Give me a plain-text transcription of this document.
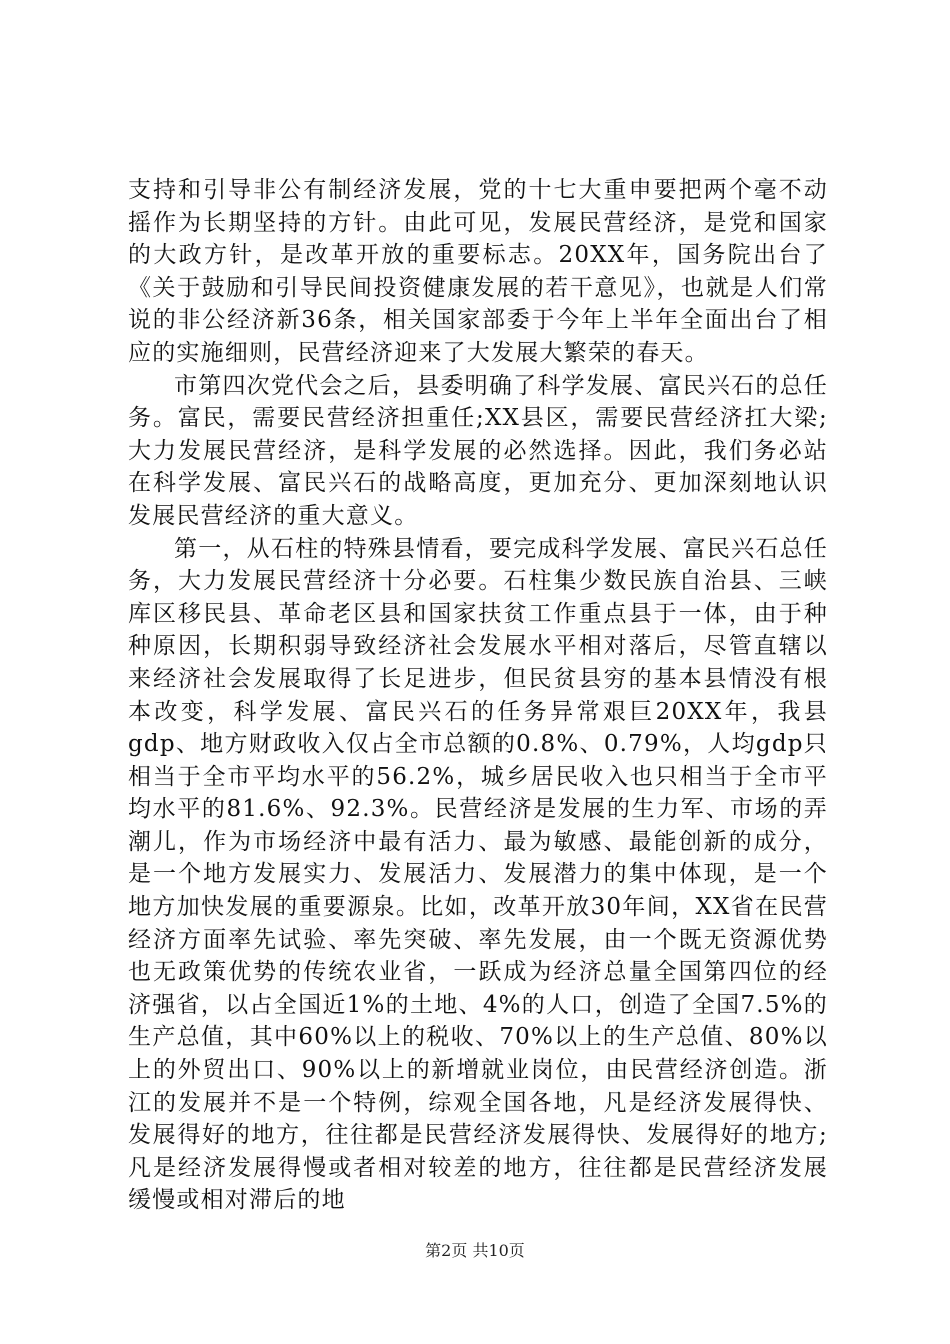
支持和引导非公有制经济发展，党的十七大重申要把两个毫不动摇作为长期坚持的方针。由此可见，发展民营经济，是党和国家的大政方针，是改革开放的重要标志。20XX年，国务院出台了《关于鼓励和引导民间投资健康发展的若干意见》，也就是人们常说的非公经济新36条，相关国家部委于今年上半年全面出台了相应的实施细则，民营经济迎来了大发展大繁荣的春天。

市第四次党代会之后，县委明确了科学发展、富民兴石的总任务。富民，需要民营经济担重任;XX县区，需要民营经济扛大梁;大力发展民营经济，是科学发展的必然选择。因此，我们务必站在科学发展、富民兴石的战略高度，更加充分、更加深刻地认识发展民营经济的重大意义。

第一，从石柱的特殊县情看，要完成科学发展、富民兴石总任务，大力发展民营经济十分必要。石柱集少数民族自治县、三峡库区移民县、革命老区县和国家扶贫工作重点县于一体，由于种种原因，长期积弱导致经济社会发展水平相对落后，尽管直辖以来经济社会发展取得了长足进步，但民贫县穷的基本县情没有根本改变，科学发展、富民兴石的任务异常艰巨20XX年，我县gdp、地方财政收入仅占全市总额的0.8%、0.79%，人均gdp只相当于全市平均水平的56.2%，城乡居民收入也只相当于全市平均水平的81.6%、92.3%。民营经济是发展的生力军、市场的弄潮儿，作为市场经济中最有活力、最为敏感、最能创新的成分，是一个地方发展实力、发展活力、发展潜力的集中体现，是一个地方加快发展的重要源泉。比如，改革开放30年间，XX省在民营经济方面率先试验、率先突破、率先发展，由一个既无资源优势也无政策优势的传统农业省，一跃成为经济总量全国第四位的经济强省，以占全国近1%的土地、4%的人口，创造了全国7.5%的生产总值，其中60%以上的税收、70%以上的生产总值、80%以上的外贸出口、90%以上的新增就业岗位，由民营经济创造。浙江的发展并不是一个特例，综观全国各地，凡是经济发展得快、发展得好的地方，往往都是民营经济发展得快、发展得好的地方;凡是经济发展得慢或者相对较差的地方，往往都是民营经济发展缓慢或相对滞后的地

第2页 共10页
